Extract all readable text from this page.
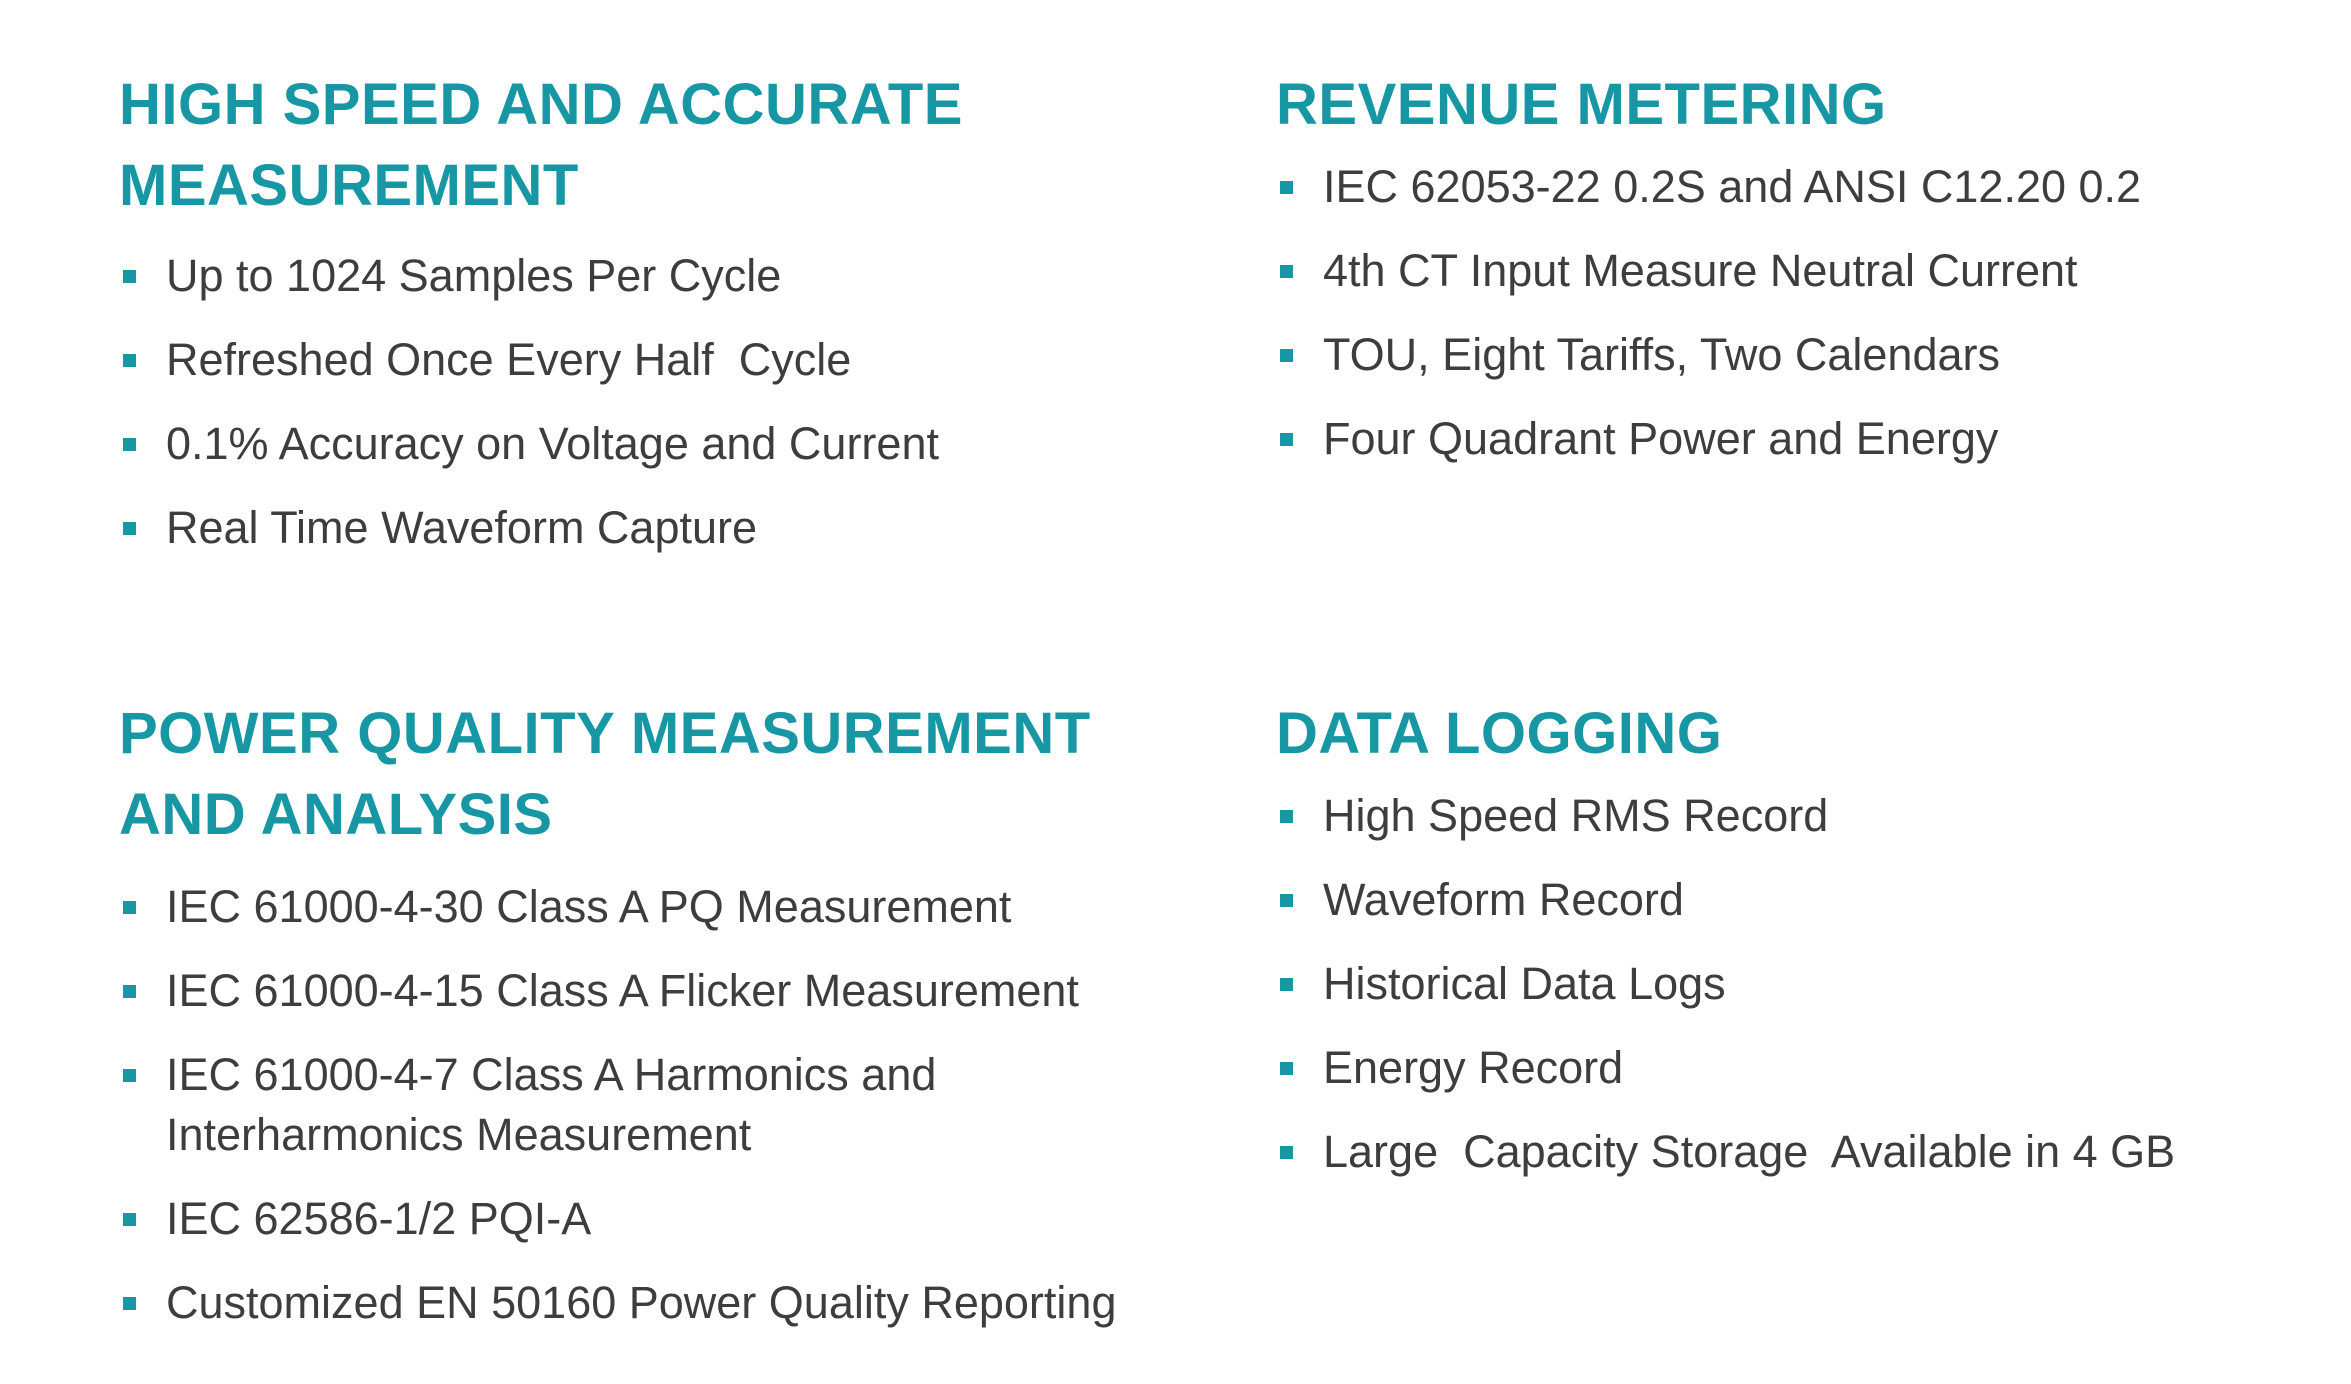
HIGH SPEED AND ACCURATE
MEASUREMENT
Up to 1024 Samples Per Cycle
Refreshed Once Every Half  Cycle
0.1% Accuracy on Voltage and Current
Real Time Waveform Capture
REVENUE METERING
IEC 62053-22 0.2S and ANSI C12.20 0.2
4th CT Input Measure Neutral Current
TOU, Eight Tariffs, Two Calendars
Four Quadrant Power and Energy
POWER QUALITY MEASUREMENT
AND ANALYSIS
IEC 61000-4-30 Class A PQ Measurement
IEC 61000-4-15 Class A Flicker Measurement
IEC 61000-4-7 Class A Harmonics and
Interharmonics Measurement
IEC 62586-1/2 PQI-A
Customized EN 50160 Power Quality Reporting
DATA LOGGING
High Speed RMS Record
Waveform Record
Historical Data Logs
Energy Record
Large  Capacity Storage  Available in 4 GB
